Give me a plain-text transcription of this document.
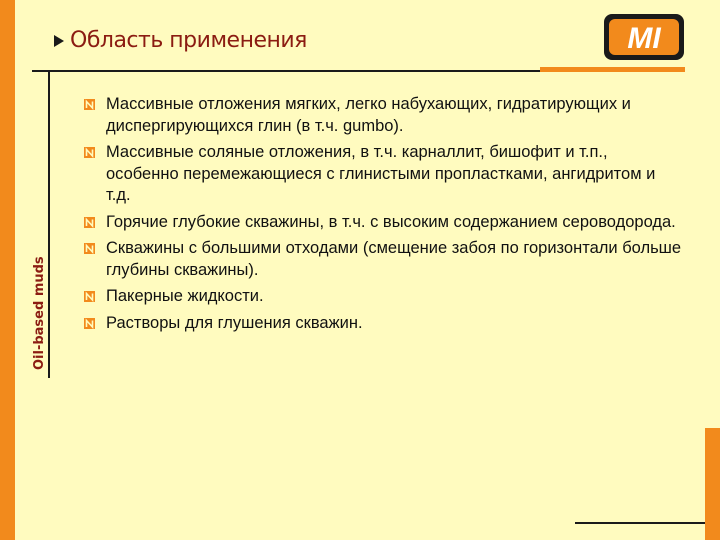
Oil-based muds
Область применения	MI
Массивные отложения мягких, легко набухающих, гидратирующих и диспергирующихся глин (в т.ч. gumbo).
Массивные соляные отложения, в т.ч. карналлит, бишофит и т.п., особенно перемежающиеся с глинистыми пропластками, ангидритом и т.д.
Горячие глубокие скважины, в т.ч. с высоким содержанием сероводорода.
Скважины с большими отходами (смещение забоя по горизонтали больше глубины скважины).
Пакерные жидкости.
Растворы для глушения скважин.
